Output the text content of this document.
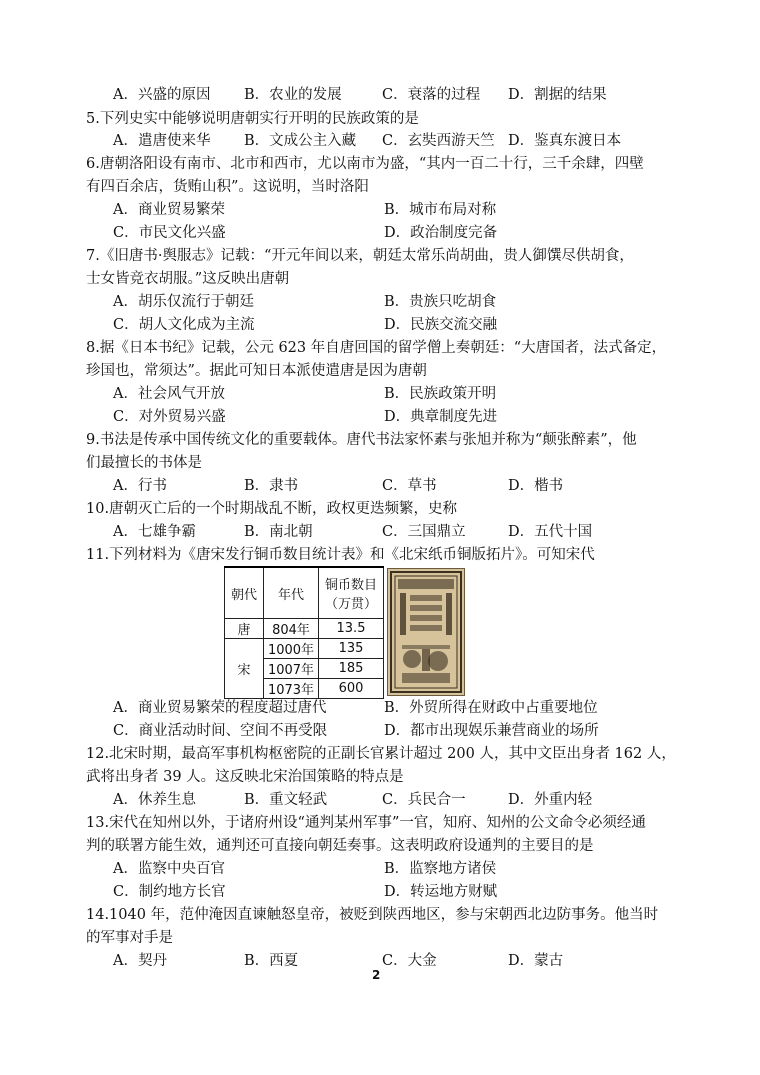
A．兴盛的原因 B．农业的发展	C．衰落的过程 D．割据的结果
5.下列史实中能够说明唐朝实行开明的民族政策的是
A．遣唐使来华 B．文成公主入藏 C．玄奘西游天竺 D．鉴真东渡日本
6.唐朝洛阳设有南市、北市和西市，尤以南市为盛，“其内一百二十行，三千余肆，四壁
有四百余店，货贿山积”。这说明，当时洛阳
A．商业贸易繁荣	B．城市布局对称
C．市民文化兴盛	D．政治制度完备
7.《旧唐书·舆服志》记载：“开元年间以来，朝廷太常乐尚胡曲，贵人御馔尽供胡食，
士女皆竞衣胡服。”这反映出唐朝
A．胡乐仅流行于朝廷	B．贵族只吃胡食
C．胡人文化成为主流	D．民族交流交融
8.据《日本书纪》记载，公元 623 年自唐回国的留学僧上奏朝廷：“大唐国者，法式备定，
珍国也，常须达”。据此可知日本派使遣唐是因为唐朝
A．社会风气开放	B．民族政策开明
C．对外贸易兴盛	D．典章制度先进
9.书法是传承中国传统文化的重要载体。唐代书法家怀素与张旭并称为“颠张醉素”，他
们最擅长的书体是
A．行书	B．隶书	C．草书	D．楷书
10.唐朝灭亡后的一个时期战乱不断，政权更迭频繁，史称
A．七雄争霸	B．南北朝	C．三国鼎立	D．五代十国
11.下列材料为《唐宋发行铜币数目统计表》和《北宋纸币铜版拓片》。可知宋代
A．商业贸易繁荣的程度超过唐代	B．外贸所得在财政中占重要地位
C．商业活动时间、空间不再受限	D．都市出现娱乐兼营商业的场所
12.北宋时期，最高军事机构枢密院的正副长官累计超过 200 人，其中文臣出身者 162 人，
武将出身者 39 人。这反映北宋治国策略的特点是
A．休养生息	B．重文轻武	C．兵民合一	D．外重内轻
13.宋代在知州以外，于诸府州设“通判某州军事”一官，知府、知州的公文命令必须经通
判的联署方能生效，通判还可直接向朝廷奏事。这表明政府设通判的主要目的是
A．监察中央百官	B．监察地方诸侯
C．制约地方长官	D．转运地方财赋
14.1040 年，范仲淹因直谏触怒皇帝，被贬到陕西地区，参与宋朝西北边防事务。他当时
的军事对手是
A．契丹	B．西夏	C．大金	D．蒙古
朝代	年代	铜币数目
（万贯）

唐	804年	13.5
宋	1000年	135
	1007年	185
	1073年	600
2
